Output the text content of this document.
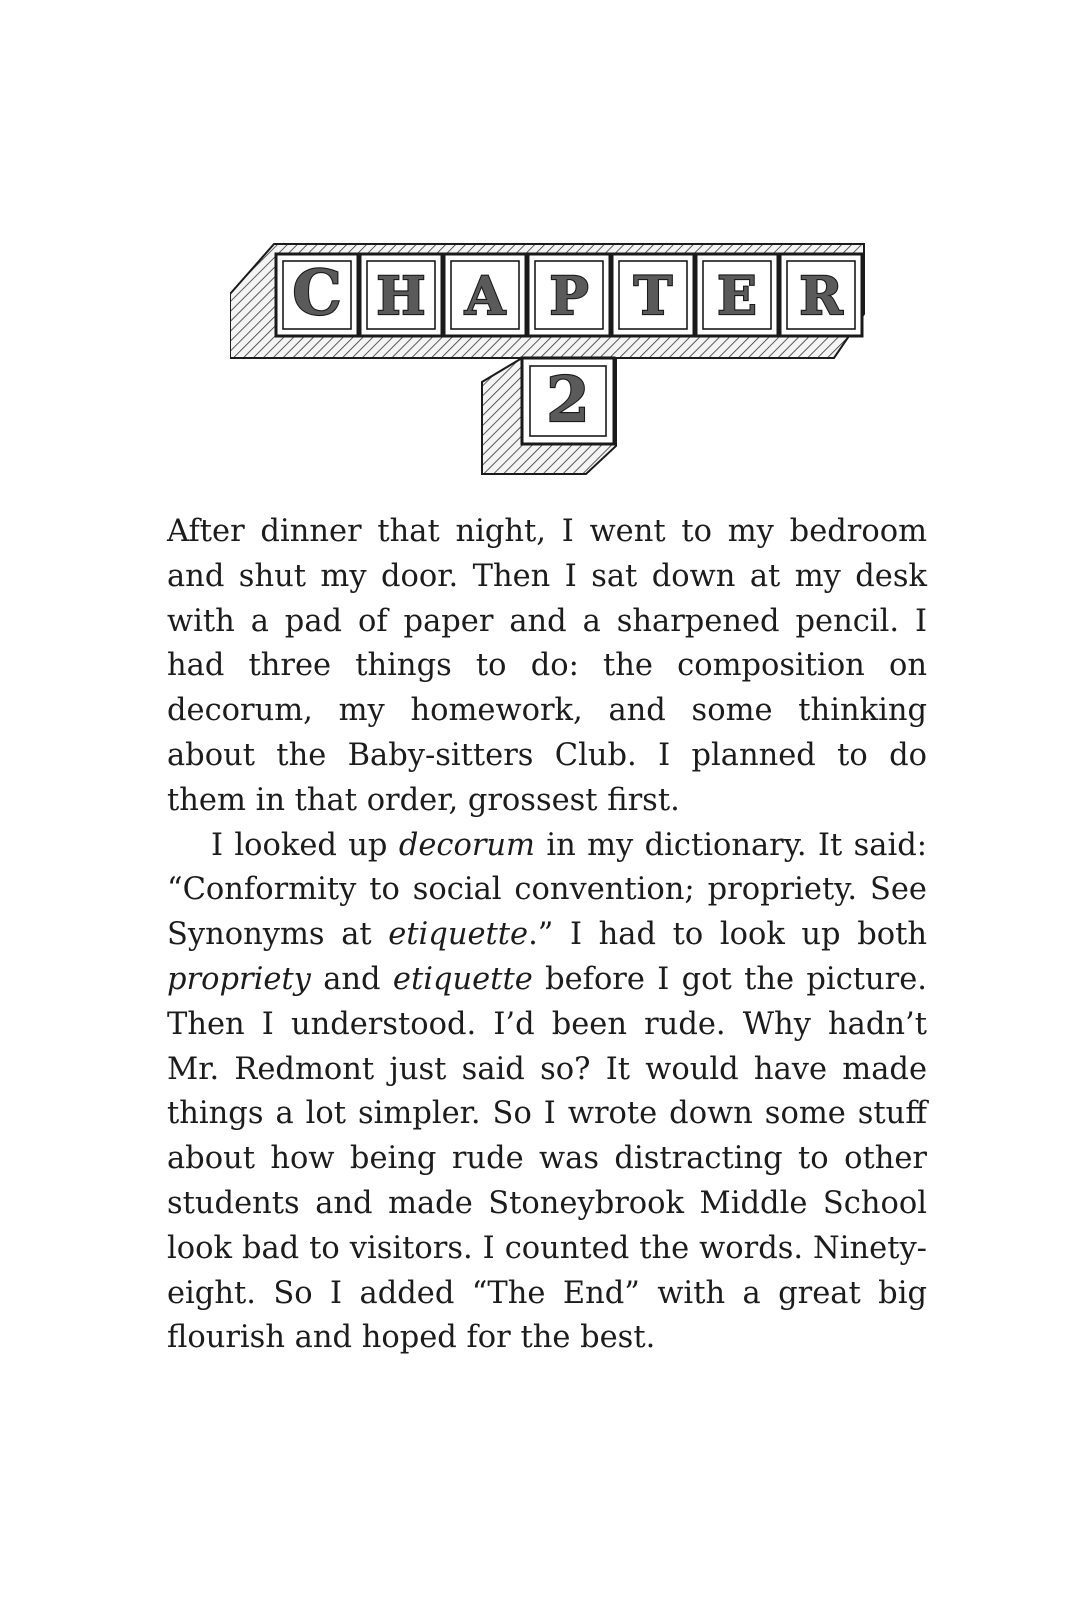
C H A P T E R
2

After dinner that night, I went to my bedroom and shut my door. Then I sat down at my desk with a pad of paper and a sharpened pencil. I had three things to do: the composition on decorum, my homework, and some thinking about the Baby-sitters Club. I planned to do them in that order, grossest first.

I looked up decorum in my dictionary. It said: “Conformity to social convention; propriety. See Synonyms at etiquette.” I had to look up both propriety and etiquette before I got the picture. Then I understood. I’d been rude. Why hadn’t Mr. Redmont just said so? It would have made things a lot simpler. So I wrote down some stuff about how being rude was distracting to other students and made Stoneybrook Middle School look bad to visitors. I counted the words. Ninety-eight. So I added “The End” with a great big flourish and hoped for the best.
